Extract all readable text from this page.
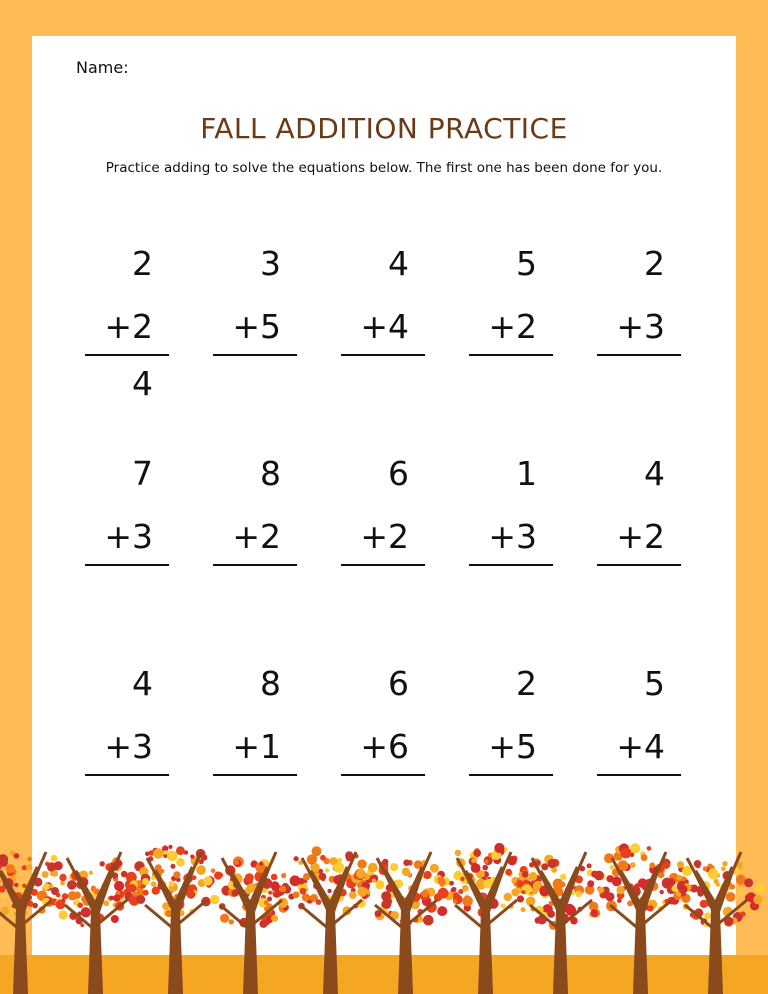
Name:
FALL ADDITION PRACTICE
Practice adding to solve the equations below. The first one has been done for you.
2
+2
4
3
+5
4
+4
5
+2
2
+3
7
+3
8
+2
6
+2
1
+3
4
+2
4
+3
8
+1
6
+6
2
+5
5
+4
